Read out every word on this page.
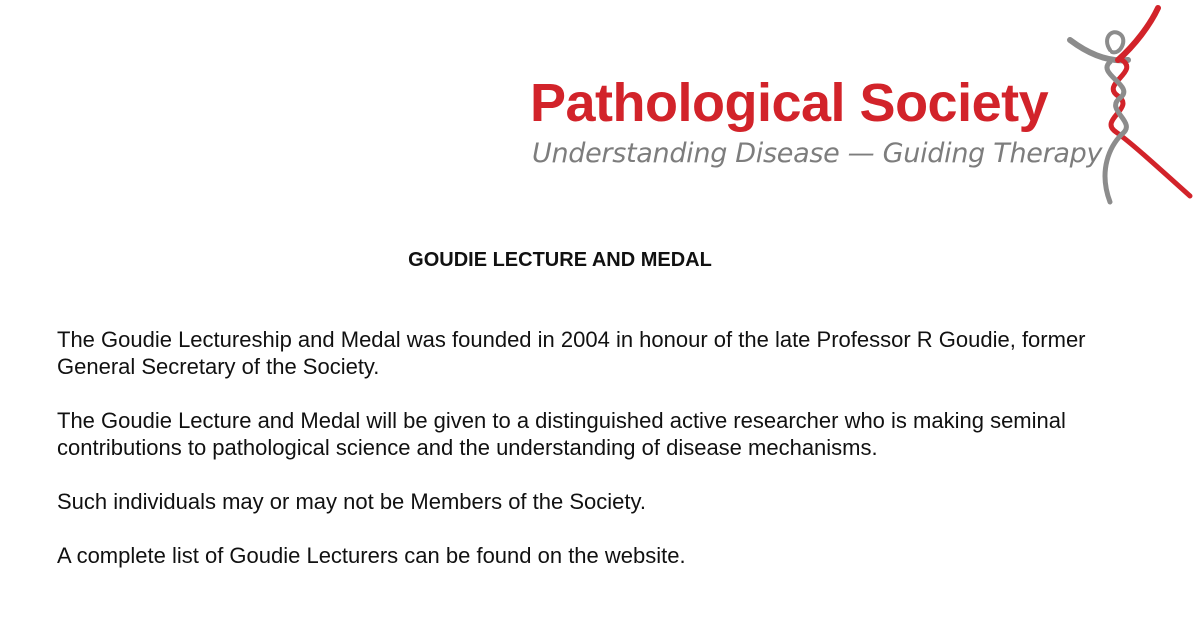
Pathological Society
Understanding Disease — Guiding Therapy
GOUDIE LECTURE AND MEDAL

The Goudie Lectureship and Medal was founded in 2004 in honour of the late Professor R Goudie, former General Secretary of the Society.

The Goudie Lecture and Medal will be given to a distinguished active researcher who is making seminal contributions to pathological science and the understanding of disease mechanisms.

Such individuals may or may not be Members of the Society.

A complete list of Goudie Lecturers can be found on the website.
